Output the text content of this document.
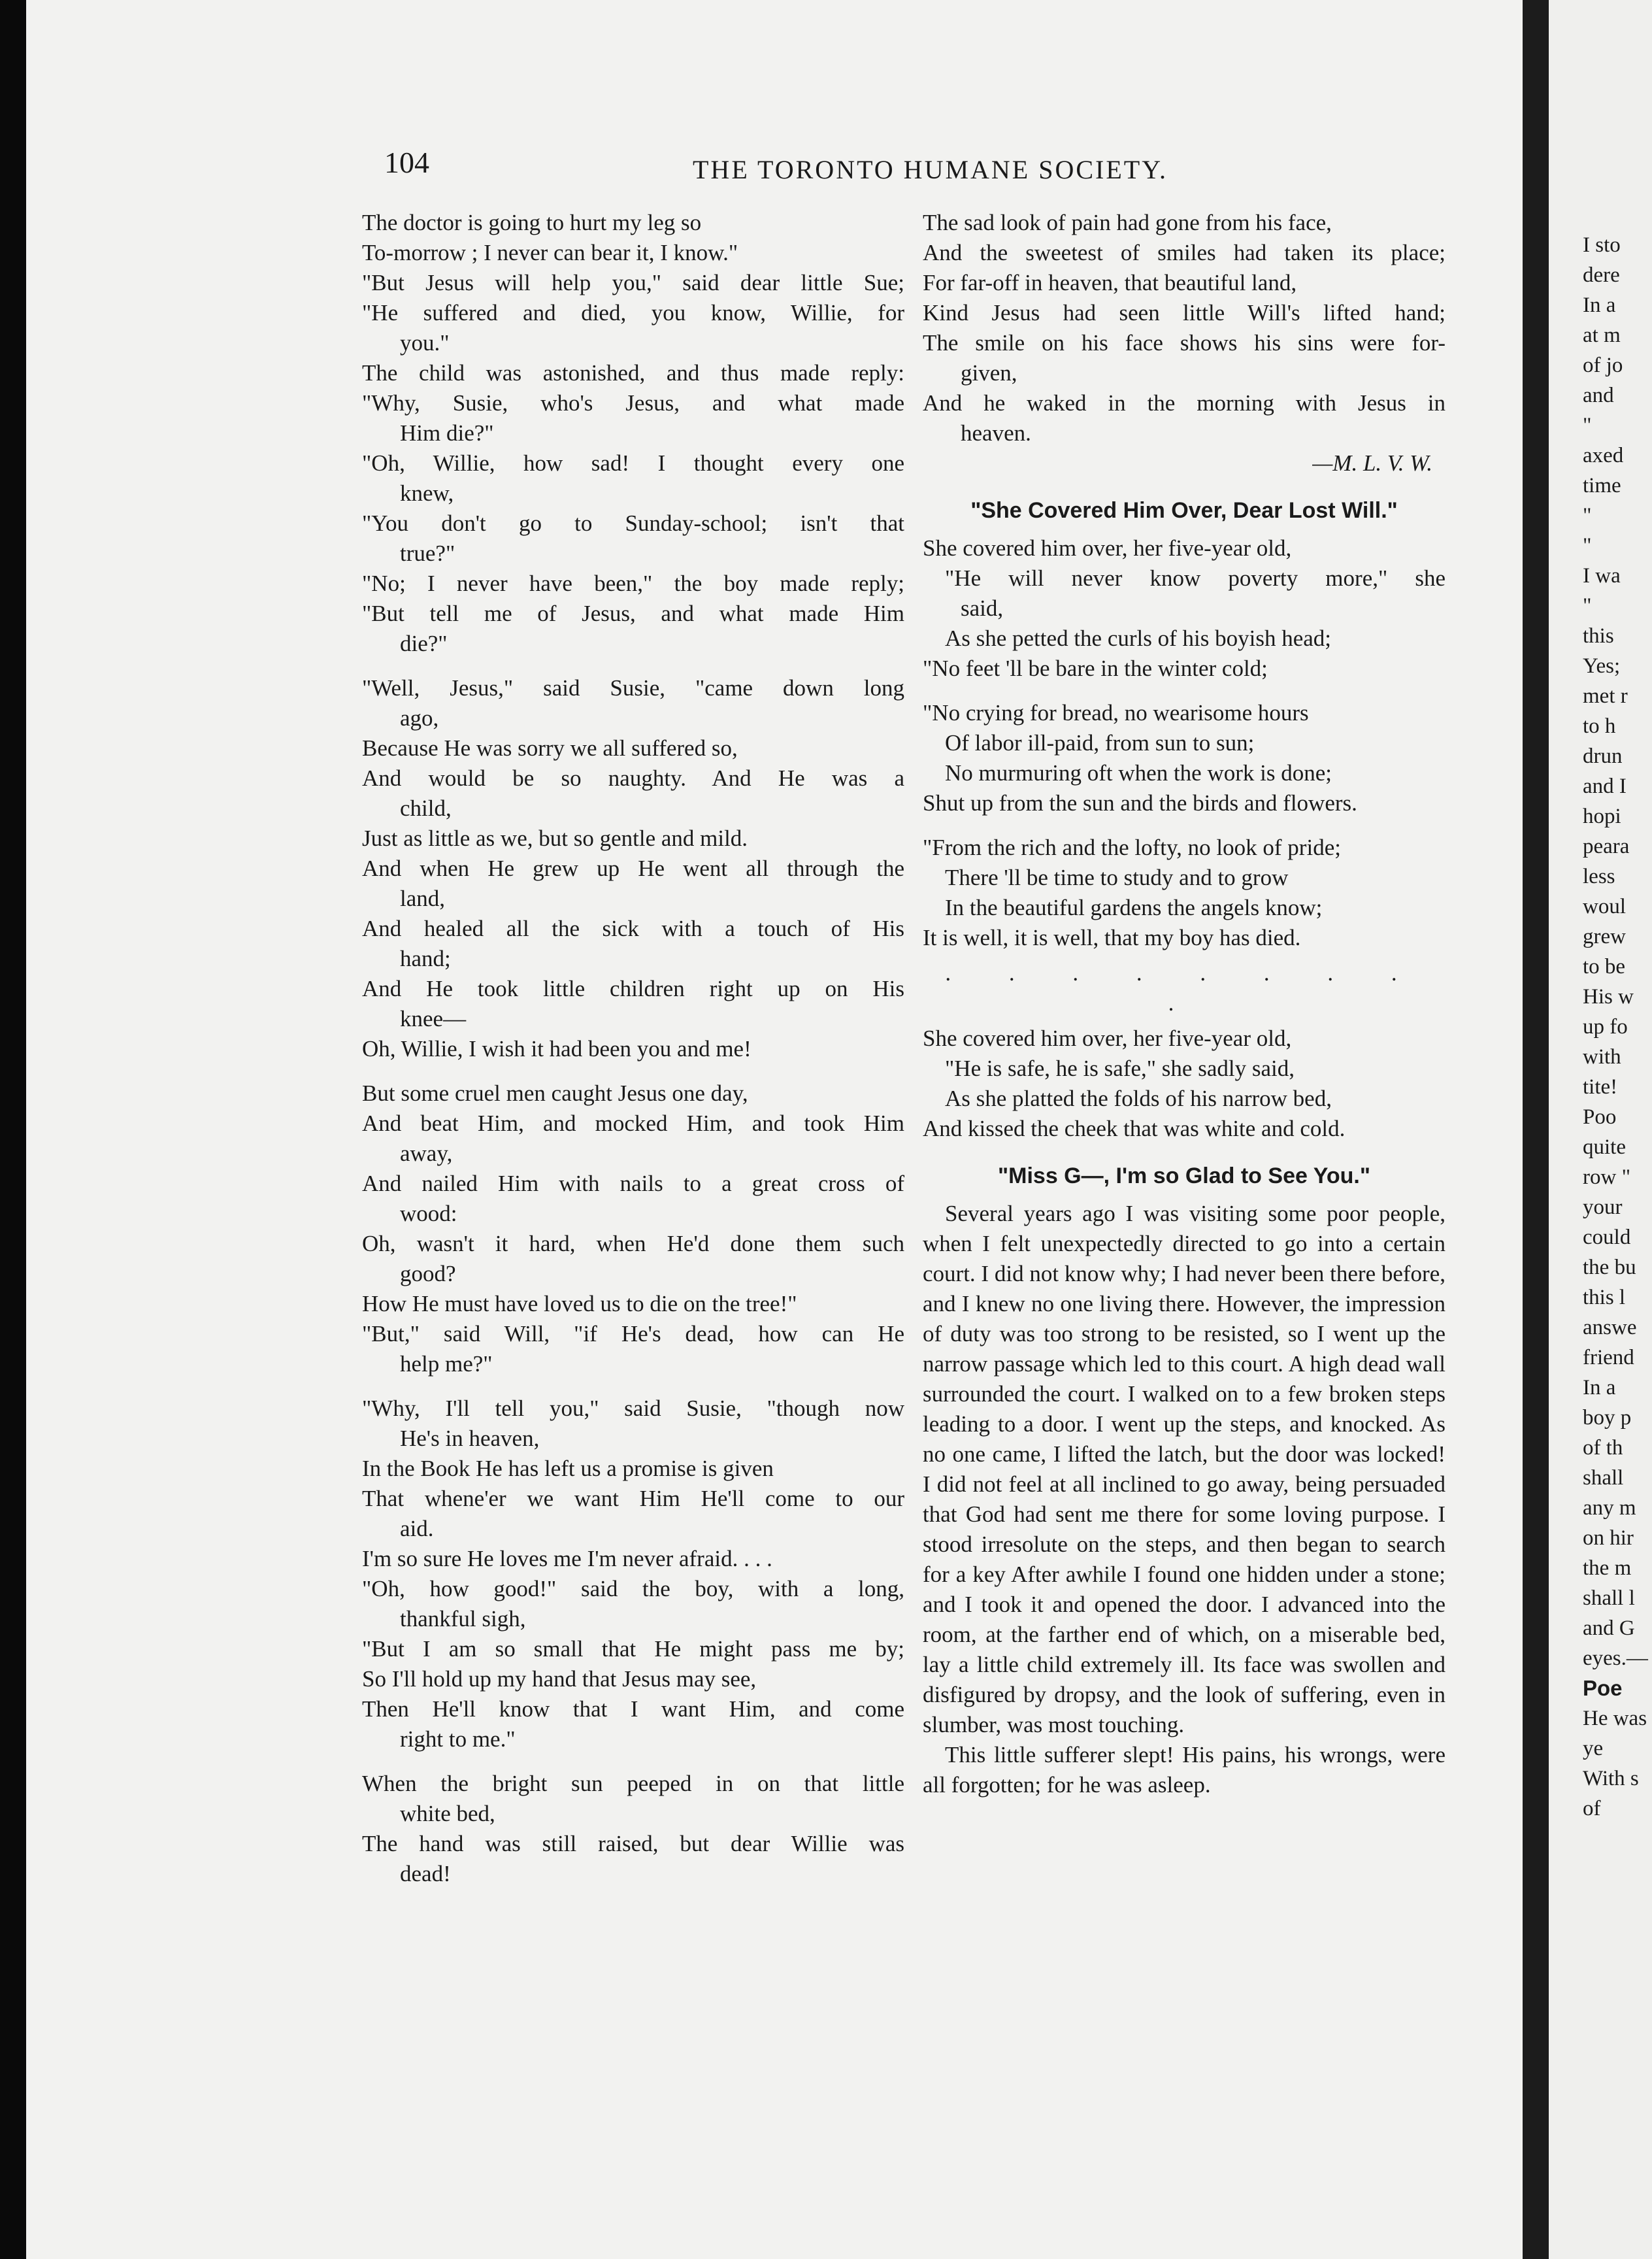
104	THE TORONTO HUMANE SOCIETY.
The doctor is going to hurt my leg so
To-morrow ; I never can bear it, I know."
"But Jesus will help you," said dear little Sue;
"He suffered and died, you know, Willie, for
you."
The child was astonished, and thus made reply:
"Why, Susie, who's Jesus, and what made
Him die?"
"Oh, Willie, how sad! I thought every one
knew,
"You don't go to Sunday-school; isn't that
true?"
"No; I never have been," the boy made reply;
"But tell me of Jesus, and what made Him
die?"
"Well, Jesus," said Susie, "came down long
ago,
Because He was sorry we all suffered so,
And would be so naughty. And He was a
child,
Just as little as we, but so gentle and mild.
And when He grew up He went all through the
land,
And healed all the sick with a touch of His
hand;
And He took little children right up on His
knee—
Oh, Willie, I wish it had been you and me!
But some cruel men caught Jesus one day,
And beat Him, and mocked Him, and took Him
away,
And nailed Him with nails to a great cross of
wood:
Oh, wasn't it hard, when He'd done them such
good?
How He must have loved us to die on the tree!"
"But," said Will, "if He's dead, how can He
help me?"
"Why, I'll tell you," said Susie, "though now
He's in heaven,
In the Book He has left us a promise is given
That whene'er we want Him He'll come to our
aid.
I'm so sure He loves me I'm never afraid. . . .
"Oh, how good!" said the boy, with a long,
thankful sigh,
"But I am so small that He might pass me by;
So I'll hold up my hand that Jesus may see,
Then He'll know that I want Him, and come
right to me."
When the bright sun peeped in on that little
white bed,
The hand was still raised, but dear Willie was
dead!
The sad look of pain had gone from his face,
And the sweetest of smiles had taken its place;
For far-off in heaven, that beautiful land,
Kind Jesus had seen little Will's lifted hand;
The smile on his face shows his sins were for-
given,
And he waked in the morning with Jesus in
heaven.
—M. L. V. W.
"She Covered Him Over, Dear Lost Will."
She covered him over, her five-year old,
"He will never know poverty more," she
said,
As she petted the curls of his boyish head;
"No feet 'll be bare in the winter cold;
"No crying for bread, no wearisome hours
Of labor ill-paid, from sun to sun;
No murmuring oft when the work is done;
Shut up from the sun and the birds and flowers.
"From the rich and the lofty, no look of pride;
There 'll be time to study and to grow
In the beautiful gardens the angels know;
It is well, it is well, that my boy has died.
. . . . . . . . .
She covered him over, her five-year old,
"He is safe, he is safe," she sadly said,
As she platted the folds of his narrow bed,
And kissed the cheek that was white and cold.
"Miss G—, I'm so Glad to See You."

Several years ago I was visiting some poor people, when I felt unexpectedly directed to go into a certain court. I did not know why; I had never been there before, and I knew no one living there. However, the impression of duty was too strong to be resisted, so I went up the narrow passage which led to this court. A high dead wall surrounded the court. I walked on to a few broken steps leading to a door. I went up the steps, and knocked. As no one came, I lifted the latch, but the door was locked! I did not feel at all inclined to go away, being persuaded that God had sent me there for some loving purpose. I stood irresolute on the steps, and then began to search for a key After awhile I found one hidden under a stone; and I took it and opened the door. I advanced into the room, at the farther end of which, on a miserable bed, lay a little child extremely ill. Its face was swollen and disfigured by dropsy, and the look of suffering, even in slumber, was most touching.

This little sufferer slept! His pains, his wrongs, were all forgotten; for he was asleep.

I sto
dere
In a
at m
of jo
and
"
axed
time
"
"
I wa
"
this
Yes;
met r
to h
drun
and I
hopi
peara
less
woul
grew
to be
His w
up fo
with
tite!
Poo
quite
row "
your
could
the bu
this l
answe
friend
In a
boy p
of th
shall
any m
on hir
the m
shall l
and G
eyes.—
Poe
He was
ye
With s
of
